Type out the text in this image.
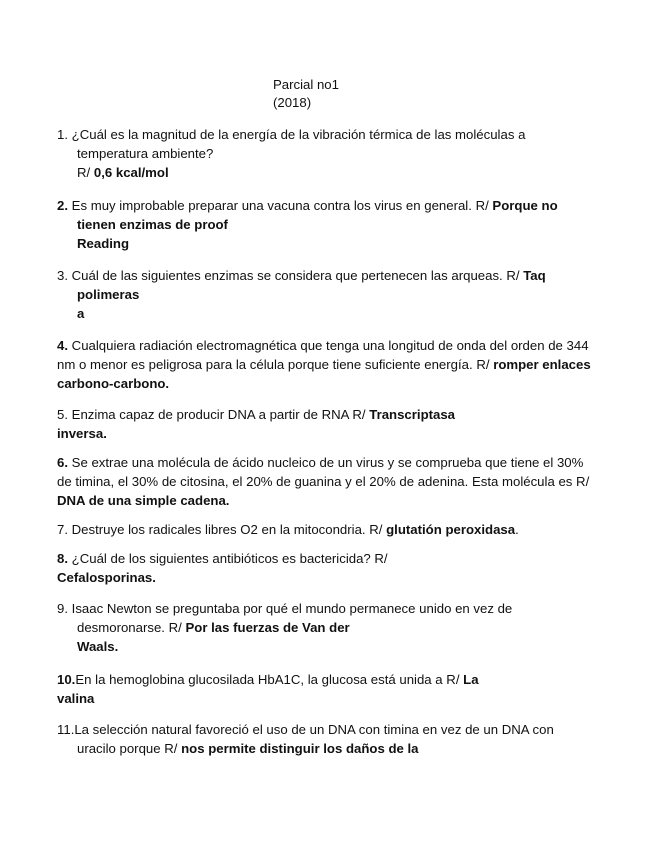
Parcial no1
(2018)
1. ¿Cuál es la magnitud de la energía de la vibración térmica de las moléculas a
temperatura ambiente?
R/ 0,6 kcal/mol
2. Es muy improbable preparar una vacuna contra los virus en general. R/ Porque no
tienen enzimas de proof
Reading
3. Cuál de las siguientes enzimas se considera que pertenecen las arqueas. R/ Taq
polimeras
a
4. Cualquiera radiación electromagnética que tenga una longitud de onda del orden de 344
nm o menor es peligrosa para la célula porque tiene suficiente energía. R/ romper enlaces
carbono-carbono.
5. Enzima capaz de producir DNA a partir de RNA R/ Transcriptasa
inversa.
6. Se extrae una molécula de ácido nucleico de un virus y se comprueba que tiene el 30%
de timina, el 30% de citosina, el 20% de guanina y el 20% de adenina. Esta molécula es R/
DNA de una simple cadena.
7. Destruye los radicales libres O2 en la mitocondria. R/ glutatión peroxidasa.
8. ¿Cuál de los siguientes antibióticos es bactericida? R/
Cefalosporinas.
9. Isaac Newton se preguntaba por qué el mundo permanece unido en vez de
desmoronarse. R/ Por las fuerzas de Van der
Waals.
10.En la hemoglobina glucosilada HbA1C, la glucosa está unida a R/ La
valina
11.La selección natural favoreció el uso de un DNA con timina en vez de un DNA con
uracilo porque R/ nos permite distinguir los daños de la
